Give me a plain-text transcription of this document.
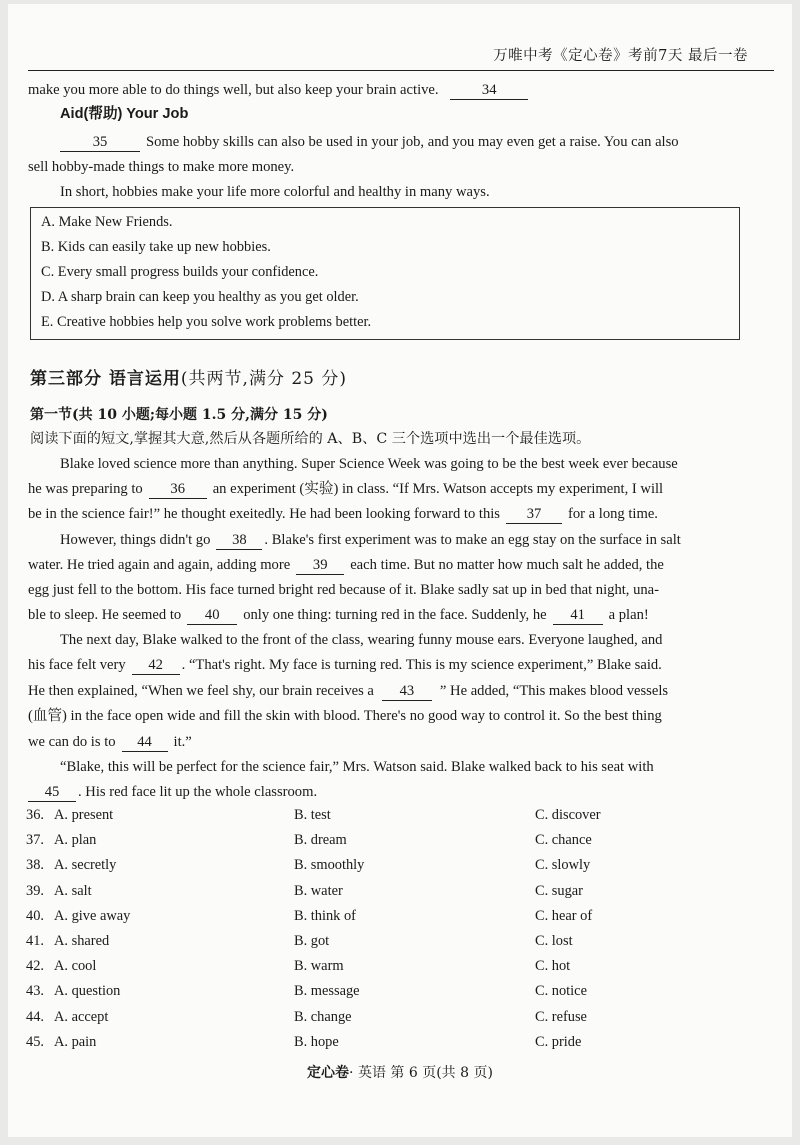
万唯中考《定心卷》考前7天 最后一卷

make you more able to do things well, but also keep your brain active.	34

Aid(帮助) Your Job

35	Some hobby skills can also be used in your job, and you may even get a raise. You can also

sell hobby-made things to make more money.

In short, hobbies make your life more colorful and healthy in many ways.

A. Make New Friends.
B. Kids can easily take up new hobbies.
C. Every small progress builds your confidence.
D. A sharp brain can keep you healthy as you get older.
E. Creative hobbies help you solve work problems better.
第三部分 语言运用(共两节,满分 25 分)
第一节(共 10 小题;每小题 1.5 分,满分 15 分)
阅读下面的短文,掌握其大意,然后从各题所给的 A、B、C 三个选项中选出一个最佳选项。

Blake loved science more than anything. Super Science Week was going to be the best week ever because

he was preparing to 36 an experiment (实验) in class. “If Mrs. Watson accepts my experiment, I will

be in the science fair!” he thought exeitedly. He had been looking forward to this 37 for a long time.

However, things didn't go 38 . Blake's first experiment was to make an egg stay on the surface in salt

water. He tried again and again, adding more 39 each time. But no matter how much salt he added, the

egg just fell to the bottom. His face turned bright red because of it. Blake sadly sat up in bed that night, una-

ble to sleep. He seemed to 40 only one thing: turning red in the face. Suddenly, he 41 a plan!

The next day, Blake walked to the front of the class, wearing funny mouse ears. Everyone laughed, and

his face felt very 42 . “That's right. My face is turning red. This is my science experiment,” Blake said.

He then explained, “When we feel shy, our brain receives a 43 ” He added, “This makes blood vessels

(血管) in the face open wide and fill the skin with blood. There's no good way to control it. So the best thing

we can do is to 44 it.”

“Blake, this will be perfect for the science fair,” Mrs. Watson said. Blake walked back to his seat with

45 . His red face lit up the whole classroom.

36. A. present	B. test	C. discover
37. A. plan	B. dream	C. chance
38. A. secretly	B. smoothly	C. slowly
39. A. salt	B. water	C. sugar
40. A. give away	B. think of	C. hear of
41. A. shared	B. got	C. lost
42. A. cool	B. warm	C. hot
43. A. question	B. message	C. notice
44. A. accept	B. change	C. refuse
45. A. pain	B. hope	C. pride
定心卷· 英语 第 6 页(共 8 页)
